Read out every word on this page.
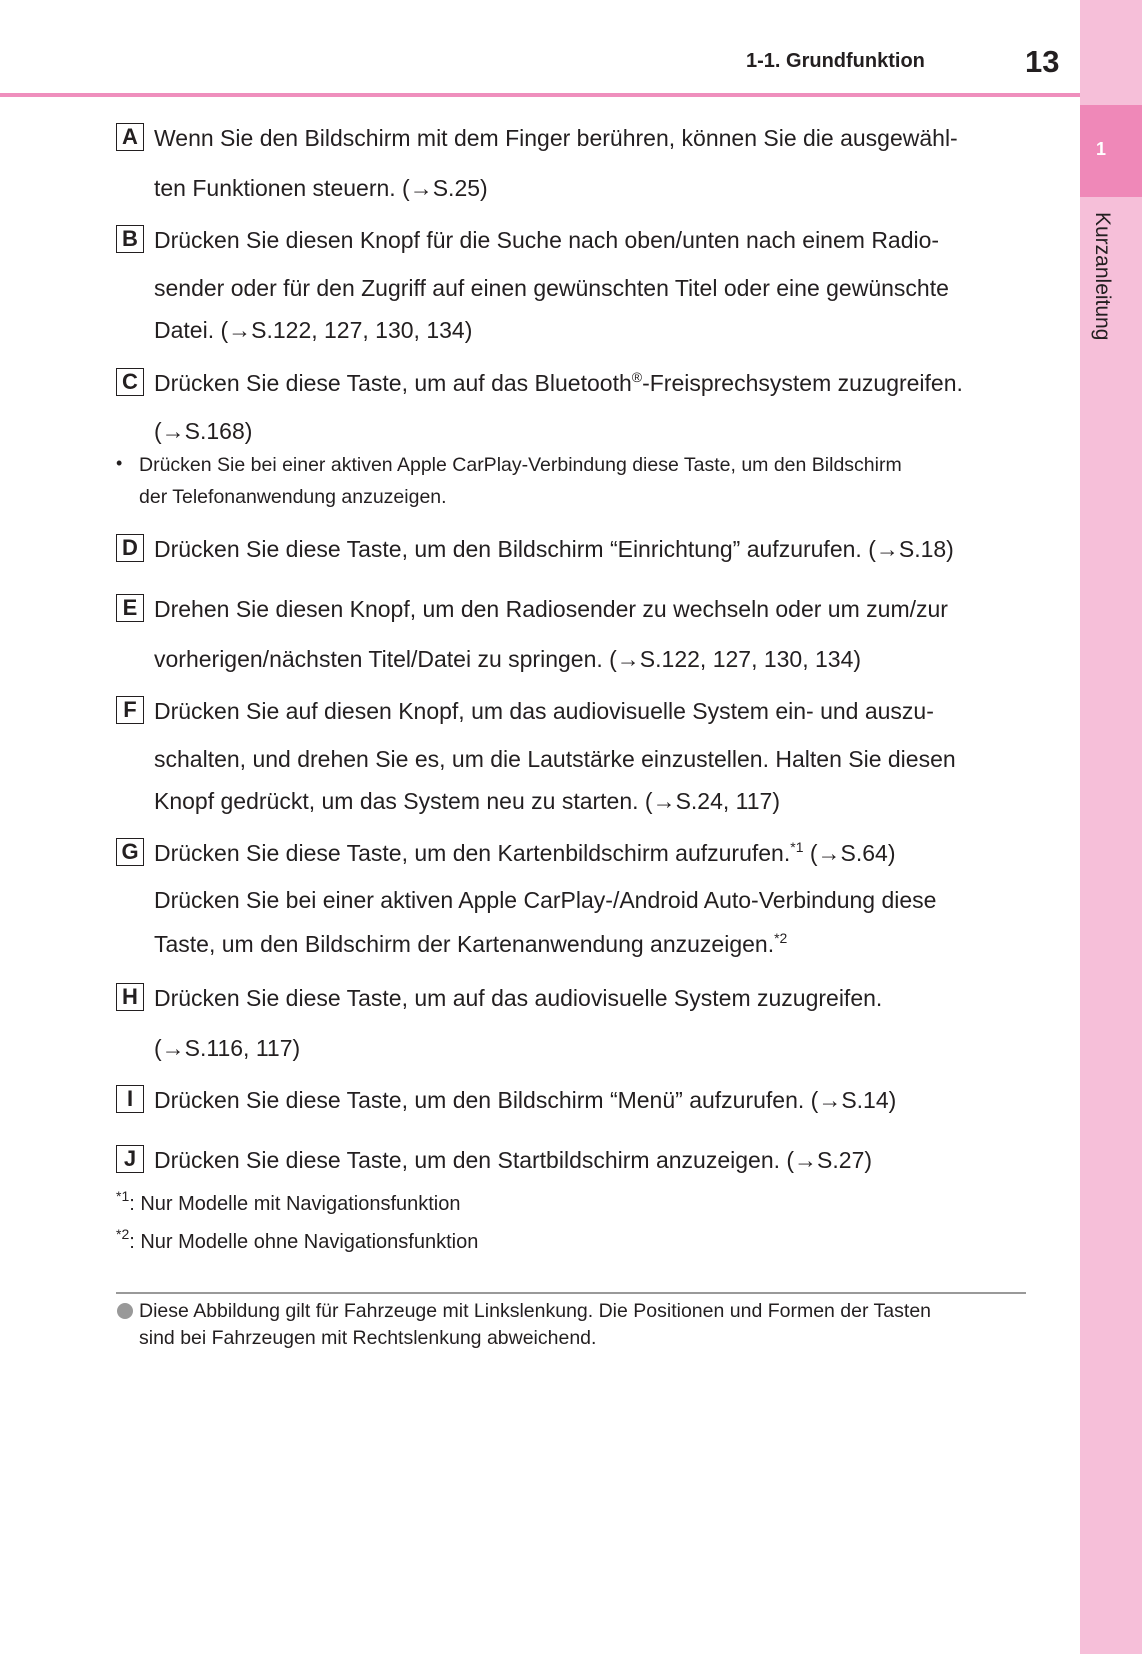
1
Kurzanleitung
1-1. Grundfunktion	13
A Wenn Sie den Bildschirm mit dem Finger berühren, können Sie die ausgewähl-
ten Funktionen steuern. (→S.25)
B Drücken Sie diesen Knopf für die Suche nach oben/unten nach einem Radio-
sender oder für den Zugriff auf einen gewünschten Titel oder eine gewünschte
Datei. (→S.122, 127, 130, 134)
C Drücken Sie diese Taste, um auf das Bluetooth®-Freisprechsystem zuzugreifen.
(→S.168)
• Drücken Sie bei einer aktiven Apple CarPlay-Verbindung diese Taste, um den Bildschirm
der Telefonanwendung anzuzeigen.
D Drücken Sie diese Taste, um den Bildschirm “Einrichtung” aufzurufen. (→S.18)
E Drehen Sie diesen Knopf, um den Radiosender zu wechseln oder um zum/zur
vorherigen/nächsten Titel/Datei zu springen. (→S.122, 127, 130, 134)
F Drücken Sie auf diesen Knopf, um das audiovisuelle System ein- und auszu-
schalten, und drehen Sie es, um die Lautstärke einzustellen. Halten Sie diesen
Knopf gedrückt, um das System neu zu starten. (→S.24, 117)
G Drücken Sie diese Taste, um den Kartenbildschirm aufzurufen.$^{*1}$ (→S.64)
Drücken Sie bei einer aktiven Apple CarPlay-/Android Auto-Verbindung diese
Taste, um den Bildschirm der Kartenanwendung anzuzeigen.$^{*2}$
H Drücken Sie diese Taste, um auf das audiovisuelle System zuzugreifen.
(→S.116, 117)
I Drücken Sie diese Taste, um den Bildschirm “Menü” aufzurufen. (→S.14)
J Drücken Sie diese Taste, um den Startbildschirm anzuzeigen. (→S.27)
$^{*1}$: Nur Modelle mit Navigationsfunktion
$^{*2}$: Nur Modelle ohne Navigationsfunktion
Diese Abbildung gilt für Fahrzeuge mit Linkslenkung. Die Positionen und Formen der Tasten
sind bei Fahrzeugen mit Rechtslenkung abweichend.
